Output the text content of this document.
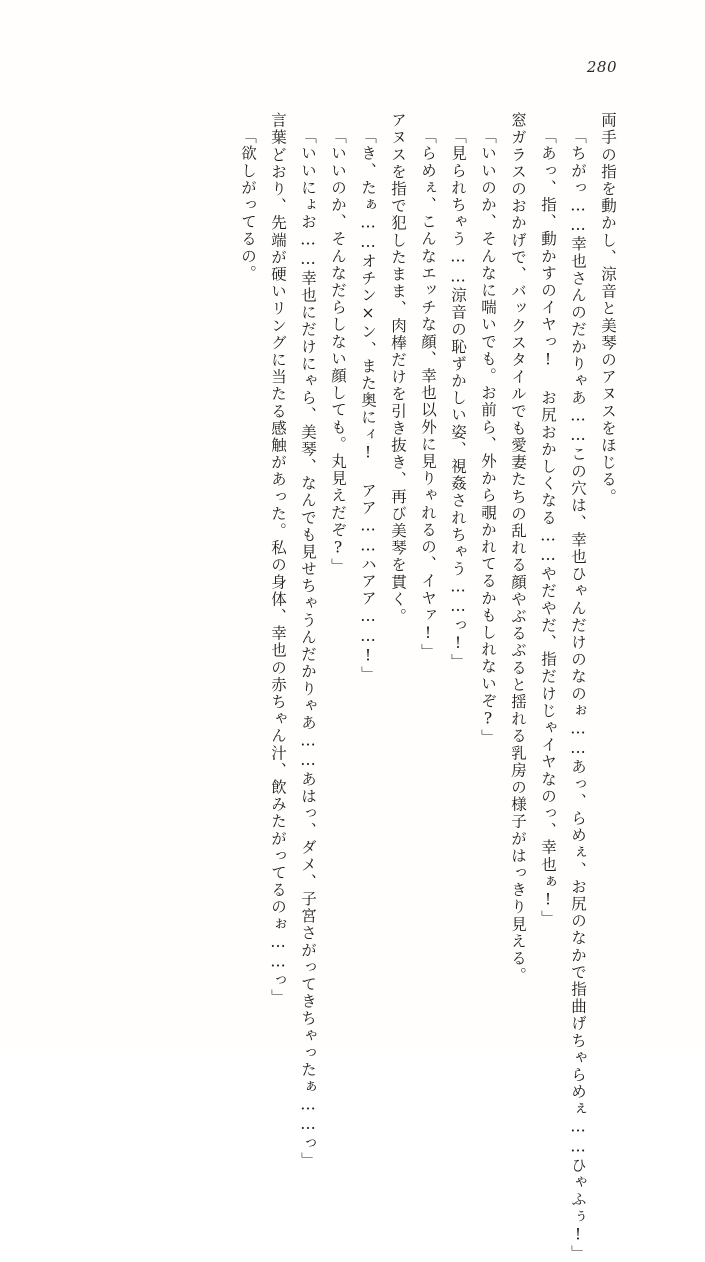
280
両手の指を動かし、涼音と美琴のアヌスをほじる。
「ちがっ……幸也さんのだかりゃあ……この穴は、幸也ひゃんだけのなのぉ……あっ、らめぇ、お尻のなかで指曲げちゃらめぇ……ひゃふぅ!」
「あっ、指、動かすのイヤっ! お尻おかしくなる……やだやだ、指だけじゃイヤなのっ、幸也ぁ!」
窓ガラスのおかげで、バックスタイルでも愛妻たちの乱れる顔やぶるぶると揺れる乳房の様子がはっきり見える。
「いいのか、そんなに喘いでも。お前ら、外から覗かれてるかもしれないぞ?」
「見られちゃう……涼音の恥ずかしい姿、視姦されちゃう……っ!」
「らめぇ、こんなエッチな顔、幸也以外に見りゃれるの、イヤァ!」
アヌスを指で犯したまま、肉棒だけを引き抜き、再び美琴を貫く。
「き、たぁ……オチン×ン、また奥にィ! アア……ハアア……!」
「いいのか、そんなだらしない顔しても。丸見えだぞ?」
「いいにょお……幸也にだけにゃら、美琴、なんでも見せちゃうんだかりゃあ……あはっ、ダメ、子宮さがってきちゃったぁ……っ」
言葉どおり、先端が硬いリングに当たる感触があった。私の身体、幸也の赤ちゃん汁、飲みたがってるのぉ……っ」
「欲しがってるの。
